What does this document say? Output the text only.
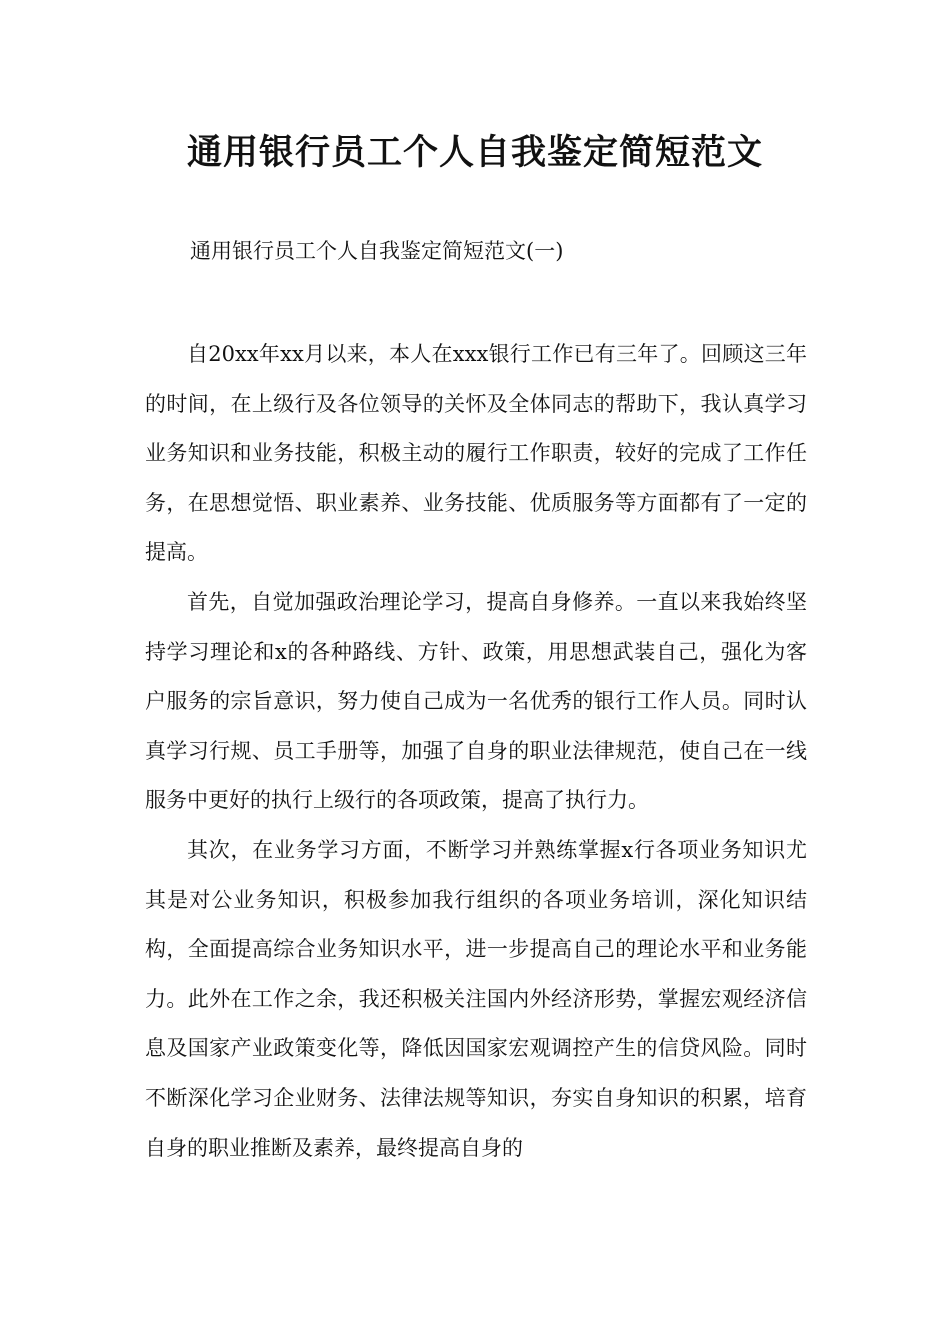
通用银行员工个人自我鉴定简短范文

通用银行员工个人自我鉴定简短范文(一)

自20xx年xx月以来，本人在xxx银行工作已有三年了。回顾这三年的时间，在上级行及各位领导的关怀及全体同志的帮助下，我认真学习业务知识和业务技能，积极主动的履行工作职责，较好的完成了工作任务，在思想觉悟、职业素养、业务技能、优质服务等方面都有了一定的提高。

首先，自觉加强政治理论学习，提高自身修养。一直以来我始终坚持学习理论和x的各种路线、方针、政策，用思想武装自己，强化为客户服务的宗旨意识，努力使自己成为一名优秀的银行工作人员。同时认真学习行规、员工手册等，加强了自身的职业法律规范，使自己在一线服务中更好的执行上级行的各项政策，提高了执行力。

其次，在业务学习方面，不断学习并熟练掌握x行各项业务知识尤其是对公业务知识，积极参加我行组织的各项业务培训，深化知识结构，全面提高综合业务知识水平，进一步提高自己的理论水平和业务能力。此外在工作之余，我还积极关注国内外经济形势，掌握宏观经济信息及国家产业政策变化等，降低因国家宏观调控产生的信贷风险。同时不断深化学习企业财务、法律法规等知识，夯实自身知识的积累，培育自身的职业推断及素养，最终提高自身的
